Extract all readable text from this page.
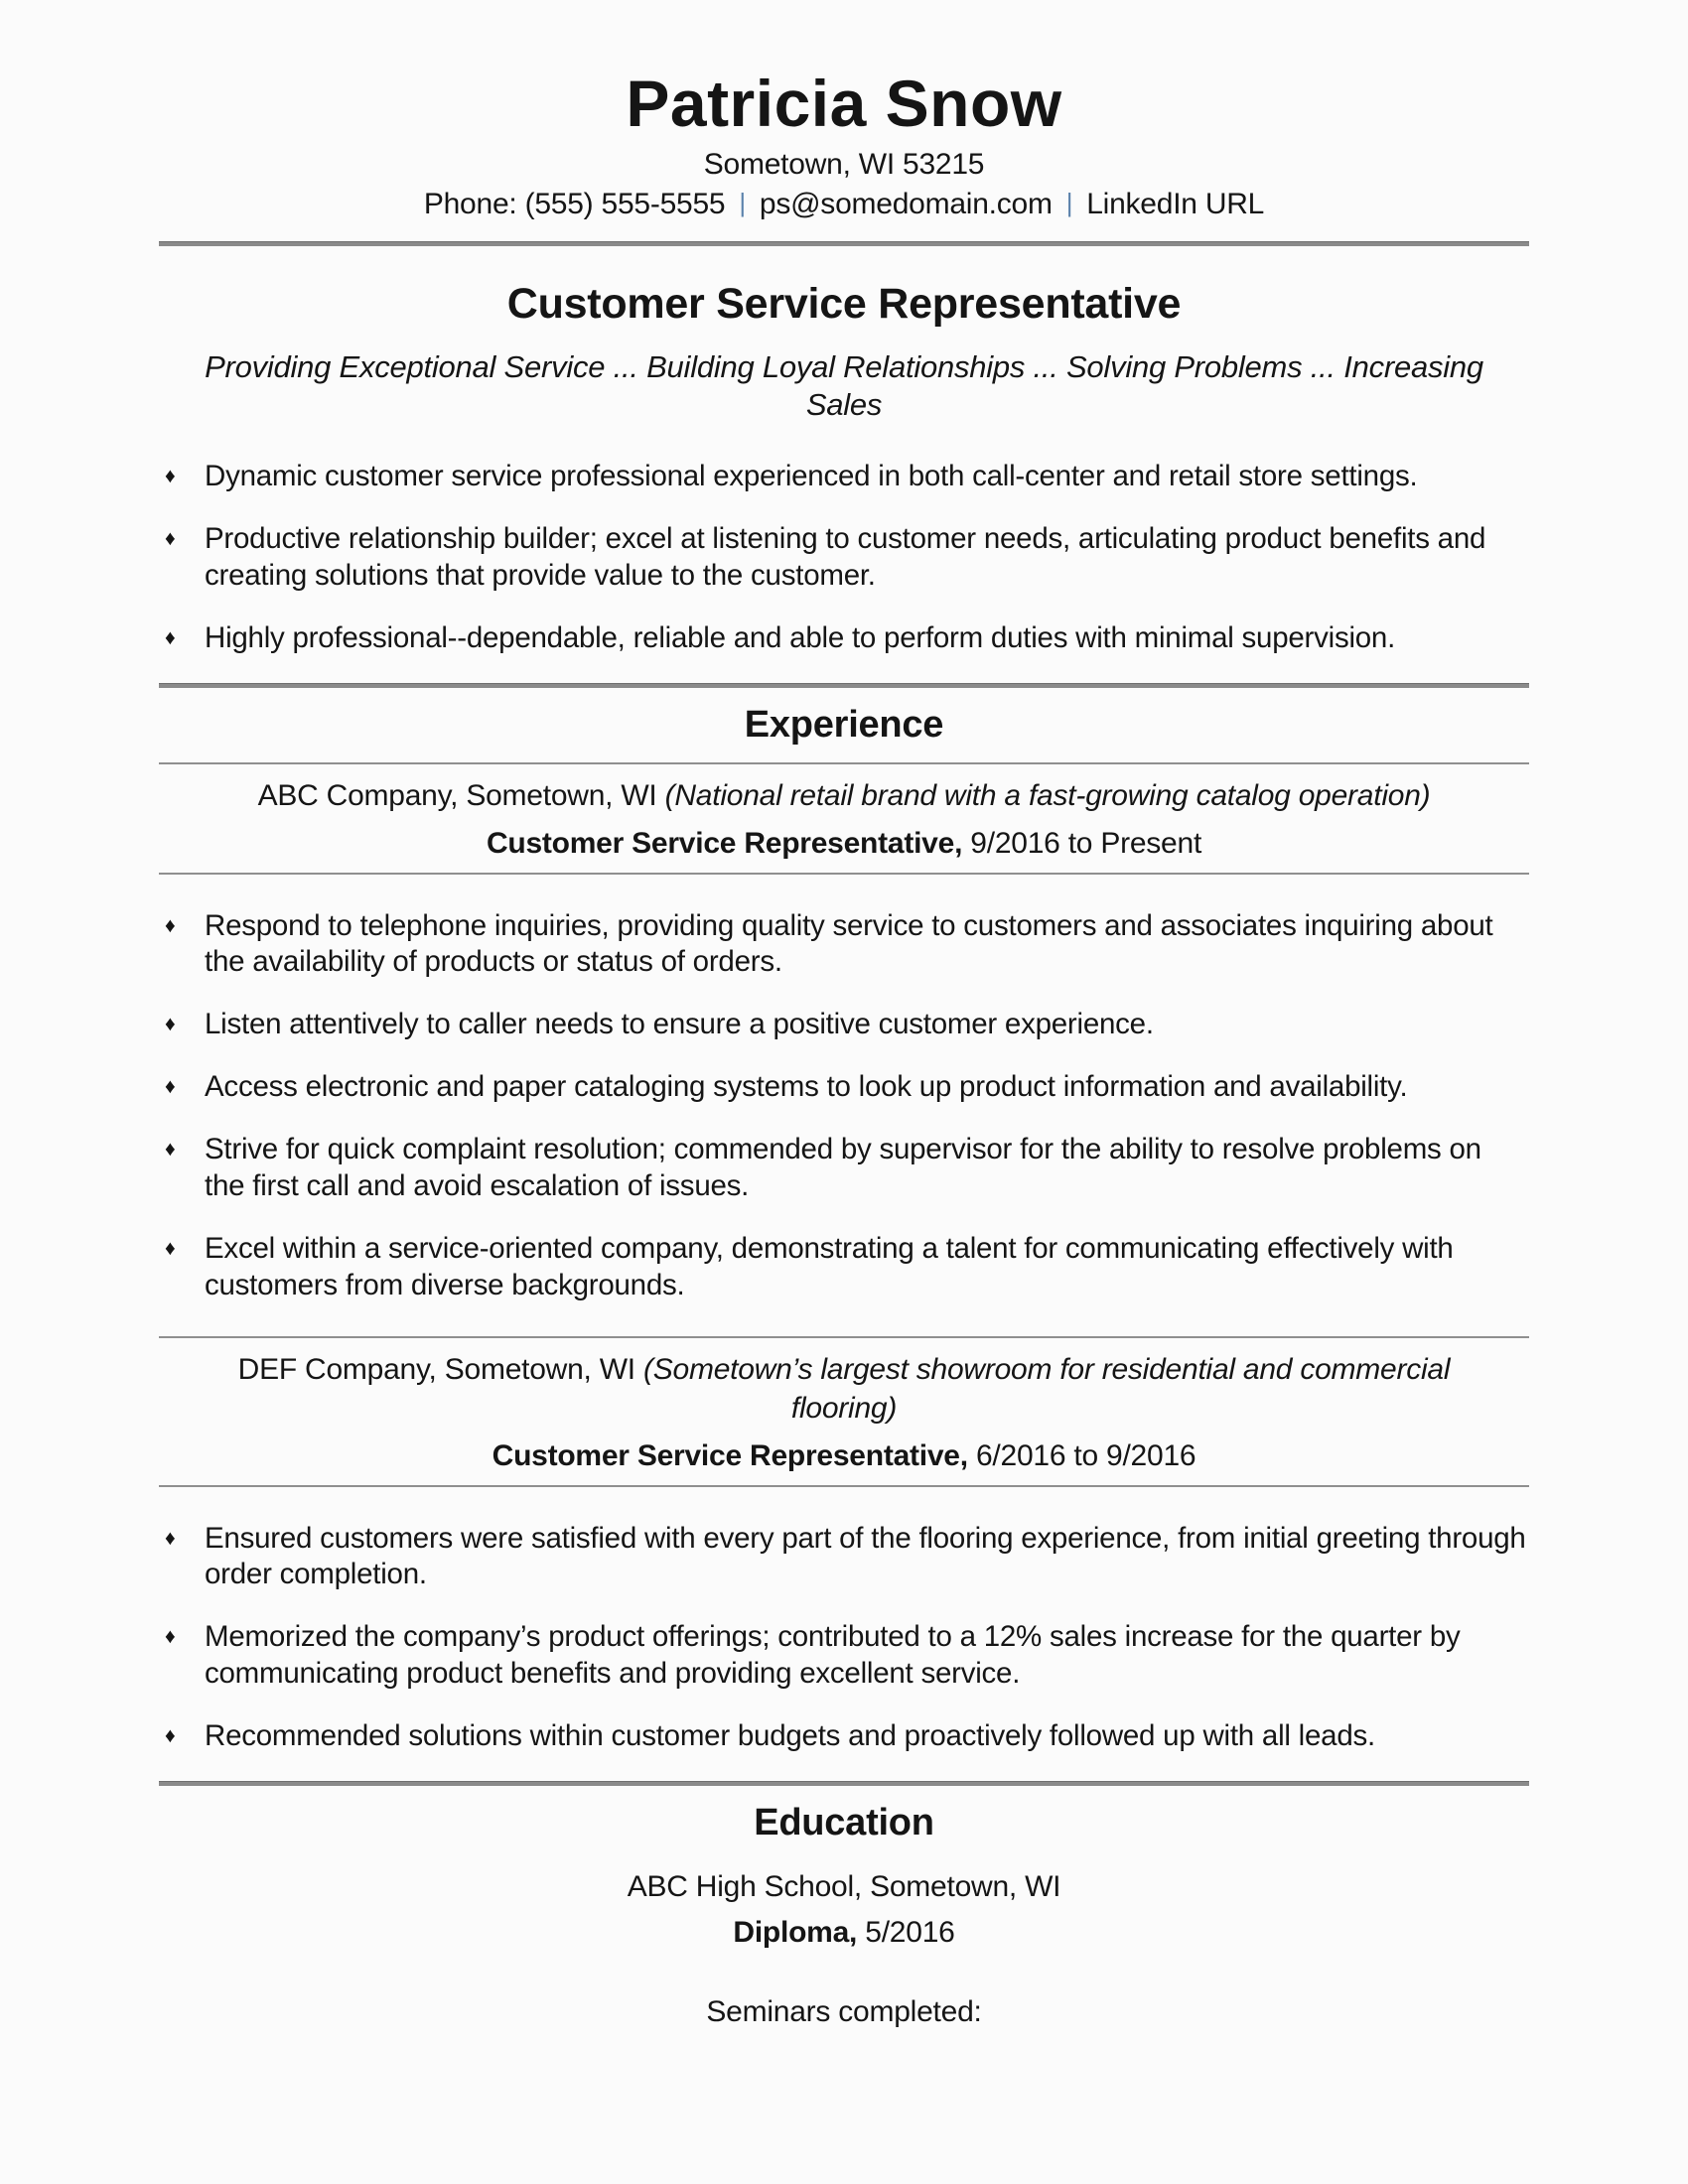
Patricia Snow
Sometown, WI 53215
Phone: (555) 555-5555 | ps@somedomain.com | LinkedIn URL
Customer Service Representative
Providing Exceptional Service ... Building Loyal Relationships ... Solving Problems ... Increasing Sales
♦	Dynamic customer service professional experienced in both call-center and retail store settings.
♦	Productive relationship builder; excel at listening to customer needs, articulating product benefits and creating solutions that provide value to the customer.
♦	Highly professional--dependable, reliable and able to perform duties with minimal supervision.
Experience
ABC Company, Sometown, WI (National retail brand with a fast-growing catalog operation)
Customer Service Representative, 9/2016 to Present
♦	Respond to telephone inquiries, providing quality service to customers and associates inquiring about the availability of products or status of orders.
♦	Listen attentively to caller needs to ensure a positive customer experience.
♦	Access electronic and paper cataloging systems to look up product information and availability.
♦	Strive for quick complaint resolution; commended by supervisor for the ability to resolve problems on the first call and avoid escalation of issues.
♦	Excel within a service-oriented company, demonstrating a talent for communicating effectively with customers from diverse backgrounds.
DEF Company, Sometown, WI (Sometown’s largest showroom for residential and commercial flooring)
Customer Service Representative, 6/2016 to 9/2016
♦	Ensured customers were satisfied with every part of the flooring experience, from initial greeting through order completion.
♦	Memorized the company’s product offerings; contributed to a 12% sales increase for the quarter by communicating product benefits and providing excellent service.
♦	Recommended solutions within customer budgets and proactively followed up with all leads.
Education
ABC High School, Sometown, WI
Diploma, 5/2016
Seminars completed:
